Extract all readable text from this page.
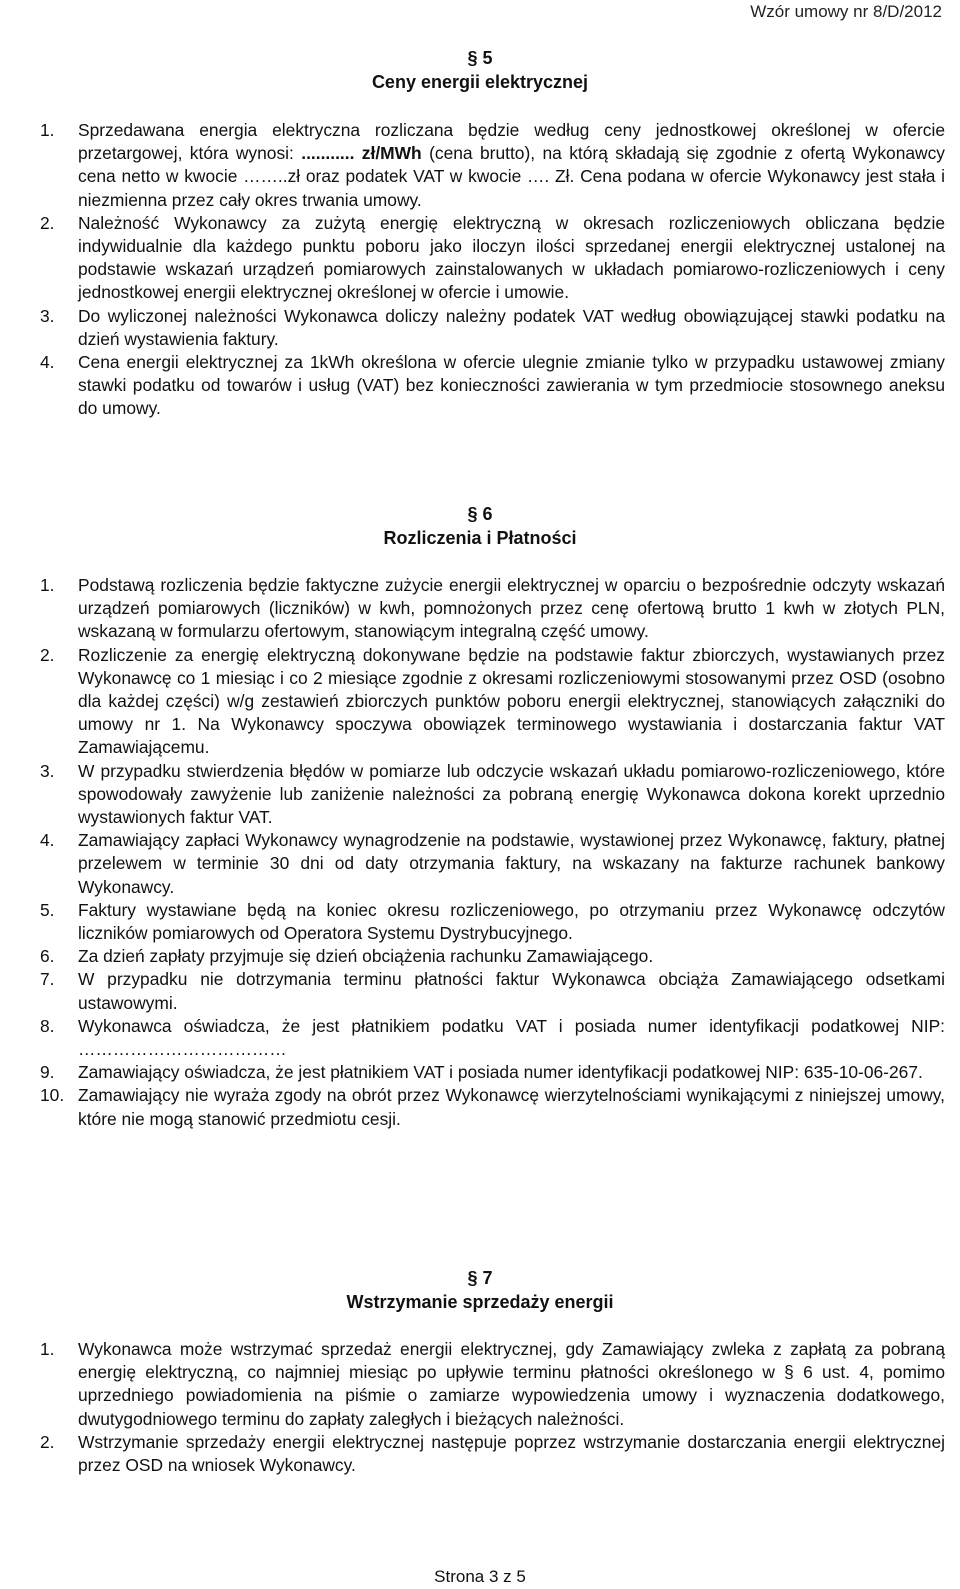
Wzór umowy nr 8/D/2012
§ 5
Ceny energii elektrycznej
1. Sprzedawana energia elektryczna rozliczana będzie według ceny jednostkowej określonej w ofercie przetargowej, która wynosi: ........... zł/MWh (cena brutto), na którą składają się zgodnie z ofertą Wykonawcy cena netto w kwocie ……..zł oraz podatek VAT w kwocie …. Zł. Cena podana w ofercie Wykonawcy jest stała i niezmienna przez cały okres trwania umowy.
2. Należność Wykonawcy za zużytą energię elektryczną w okresach rozliczeniowych obliczana będzie indywidualnie dla każdego punktu poboru jako iloczyn ilości sprzedanej energii elektrycznej ustalonej na podstawie wskazań urządzeń pomiarowych zainstalowanych w układach pomiarowo-rozliczeniowych i ceny jednostkowej energii elektrycznej określonej w ofercie i umowie.
3. Do wyliczonej należności Wykonawca doliczy należny podatek VAT według obowiązującej stawki podatku na dzień wystawienia faktury.
4. Cena energii elektrycznej za 1kWh określona w ofercie ulegnie zmianie tylko w przypadku ustawowej zmiany stawki podatku od towarów i usług (VAT) bez konieczności zawierania w tym przedmiocie stosownego aneksu do umowy.
§ 6
Rozliczenia i Płatności
1. Podstawą rozliczenia będzie faktyczne zużycie energii elektrycznej w oparciu o bezpośrednie odczyty wskazań urządzeń pomiarowych (liczników) w kwh, pomnożonych przez cenę ofertową brutto 1 kwh w złotych PLN, wskazaną w formularzu ofertowym, stanowiącym integralną część umowy.
2. Rozliczenie za energię elektryczną dokonywane będzie na podstawie faktur zbiorczych, wystawianych przez Wykonawcę co 1 miesiąc i co 2 miesiące zgodnie z okresami rozliczeniowymi stosowanymi przez OSD (osobno dla każdej części) w/g zestawień zbiorczych punktów poboru energii elektrycznej, stanowiących załączniki do umowy nr 1. Na Wykonawcy spoczywa obowiązek terminowego wystawiania i dostarczania faktur VAT Zamawiającemu.
3. W przypadku stwierdzenia błędów w pomiarze lub odczycie wskazań układu pomiarowo-rozliczeniowego, które spowodowały zawyżenie lub zaniżenie należności za pobraną energię Wykonawca dokona korekt uprzednio wystawionych faktur VAT.
4. Zamawiający zapłaci Wykonawcy wynagrodzenie na podstawie, wystawionej przez Wykonawcę, faktury, płatnej przelewem w terminie 30 dni od daty otrzymania faktury, na wskazany na fakturze rachunek bankowy Wykonawcy.
5. Faktury wystawiane będą na koniec okresu rozliczeniowego, po otrzymaniu przez Wykonawcę odczytów liczników pomiarowych od Operatora Systemu Dystrybucyjnego.
6. Za dzień zapłaty przyjmuje się dzień obciążenia rachunku Zamawiającego.
7. W przypadku nie dotrzymania terminu płatności faktur Wykonawca obciąża Zamawiającego odsetkami ustawowymi.
8. Wykonawca oświadcza, że jest płatnikiem podatku VAT i posiada numer identyfikacji podatkowej NIP: ………………………………
9. Zamawiający oświadcza, że jest płatnikiem VAT i posiada numer identyfikacji podatkowej NIP: 635-10-06-267.
10. Zamawiający nie wyraża zgody na obrót przez Wykonawcę wierzytelnościami wynikającymi z niniejszej umowy, które nie mogą stanowić przedmiotu cesji.
§ 7
Wstrzymanie sprzedaży energii
1. Wykonawca może wstrzymać sprzedaż energii elektrycznej, gdy Zamawiający zwleka z zapłatą za pobraną energię elektryczną, co najmniej miesiąc po upływie terminu płatności określonego w § 6 ust. 4, pomimo uprzedniego powiadomienia na piśmie o zamiarze wypowiedzenia umowy i wyznaczenia dodatkowego, dwutygodniowego terminu do zapłaty zaległych i bieżących należności.
2. Wstrzymanie sprzedaży energii elektrycznej następuje poprzez wstrzymanie dostarczania energii elektrycznej przez OSD na wniosek Wykonawcy.
Strona 3 z 5
